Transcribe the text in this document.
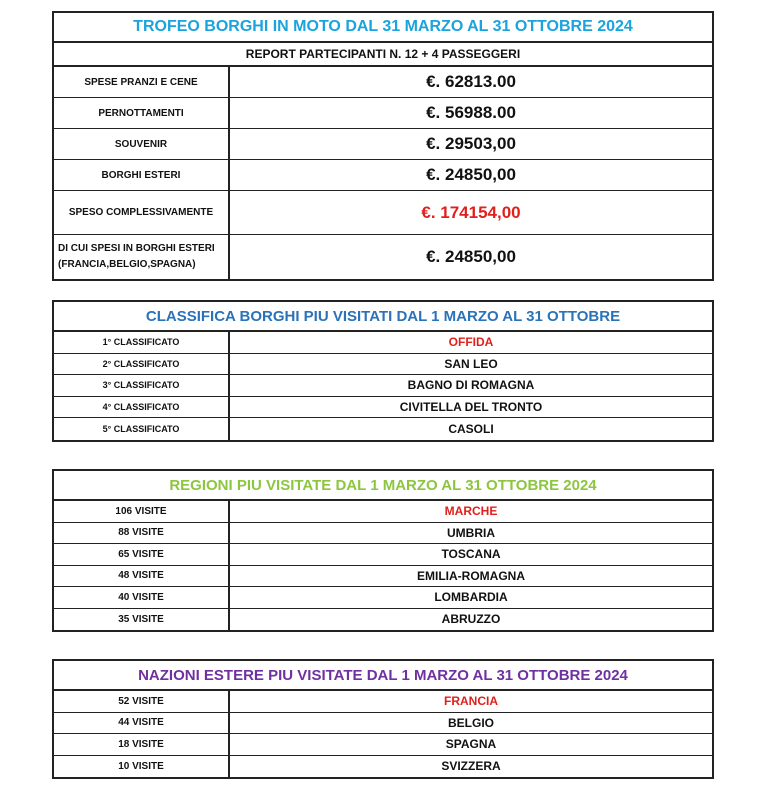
TROFEO BORGHI IN MOTO DAL 31 MARZO AL 31 OTTOBRE 2024
REPORT PARTECIPANTI N. 12 + 4 PASSEGGERI
SPESE PRANZI E CENE	€. 62813.00
PERNOTTAMENTI	€. 56988.00
SOUVENIR	€. 29503,00
BORGHI ESTERI	€. 24850,00
SPESO COMPLESSIVAMENTE	€. 174154,00
DI CUI SPESI IN BORGHI ESTERI
(FRANCIA,BELGIO,SPAGNA)	€. 24850,00
CLASSIFICA BORGHI PIU VISITATI DAL 1 MARZO AL 31 OTTOBRE
1° CLASSIFICATO	OFFIDA
2° CLASSIFICATO	SAN LEO
3° CLASSIFICATO	BAGNO DI ROMAGNA
4° CLASSIFICATO	CIVITELLA DEL TRONTO
5° CLASSIFICATO	CASOLI
REGIONI PIU VISITATE DAL 1 MARZO AL 31 OTTOBRE 2024
106 VISITE	MARCHE
88 VISITE	UMBRIA
65 VISITE	TOSCANA
48 VISITE	EMILIA-ROMAGNA
40 VISITE	LOMBARDIA
35 VISITE	ABRUZZO
NAZIONI ESTERE PIU VISITATE DAL 1 MARZO AL 31 OTTOBRE 2024
52 VISITE	FRANCIA
44 VISITE	BELGIO
18 VISITE	SPAGNA
10 VISITE	SVIZZERA
